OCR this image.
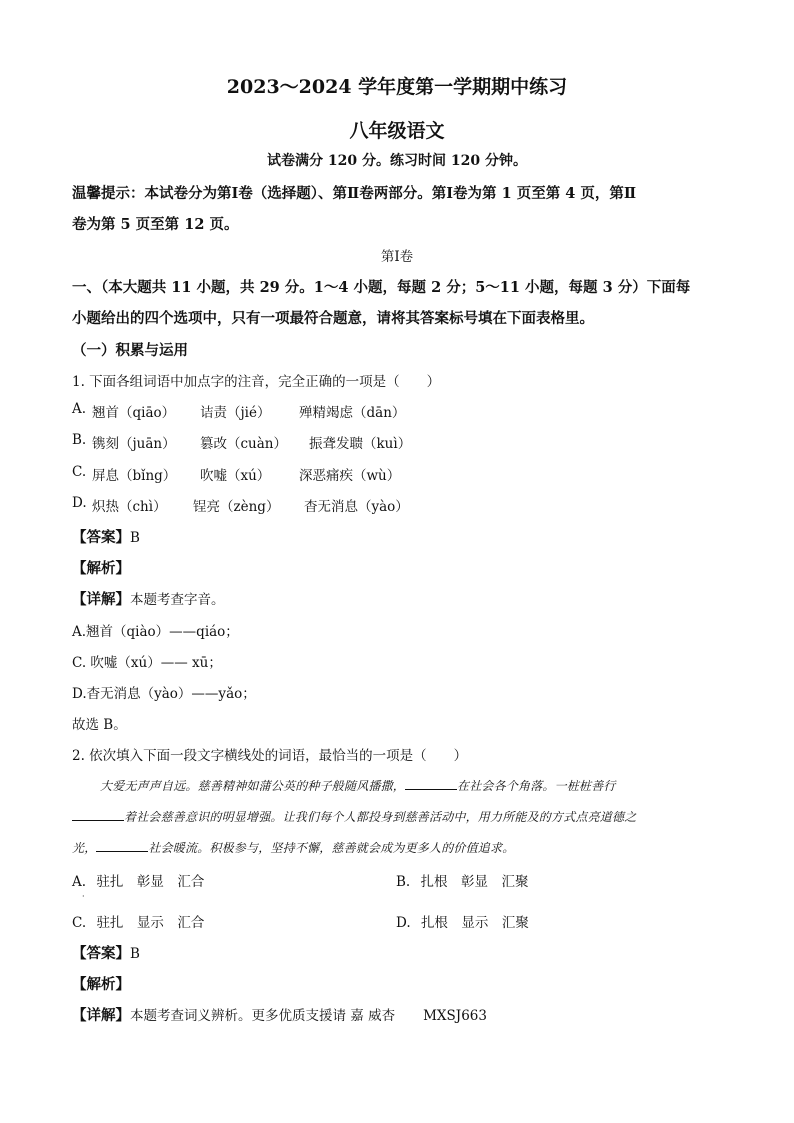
2023～2024 学年度第一学期期中练习
八年级语文
试卷满分 120 分。练习时间 120 分钟。
温馨提示：本试卷分为第Ⅰ卷（选择题）、第Ⅱ卷两部分。第Ⅰ卷为第 1 页至第 4 页，第Ⅱ
卷为第 5 页至第 12 页。
第Ⅰ卷
一、（本大题共 11 小题，共 29 分。1～4 小题，每题 2 分；5～11 小题，每题 3 分）下面每
小题给出的四个选项中，只有一项最符合题意，请将其答案标号填在下面表格里。
（一）积累与运用
1. 下面各组词语中加点字的注音，完全正确的一项是（　　）
A. 翘首（qiāo） 诘责（jié） 殚精竭虑（dān）
B. 镌刻（juān） 篡改（cuàn） 振聋发聩（kuì）
C. 屏息（bǐng） 吹嘘（xú） 深恶痛疾（wù）
D. 炽热（chì） 锃亮（zèng） 杳无消息（yào）
【答案】B
【解析】
【详解】本题考查字音。
A.翘首（qiào）——qiáo；
C. 吹嘘（xú）—— xū；
D.杳无消息（yào）——yǎo；
故选 B。
2. 依次填入下面一段文字横线处的词语，最恰当的一项是（　　）
大爱无声声自远。慈善精神如蒲公英的种子般随风播撒，	在社会各个角落。一桩桩善行
着社会慈善意识的明显增强。让我们每个人都投身到慈善活动中，用力所能及的方式点亮道德之
光，	社会暖流。积极参与，坚持不懈，慈善就会成为更多人的价值追求。
A. 驻扎　彰显　汇合	B. 扎根　彰显　汇聚
·
C. 驻扎　显示　汇合	D. 扎根　显示　汇聚
【答案】B
【解析】
【详解】本题考查词义辨析。更多优质支援请 嘉 威杏 MXSJ663
